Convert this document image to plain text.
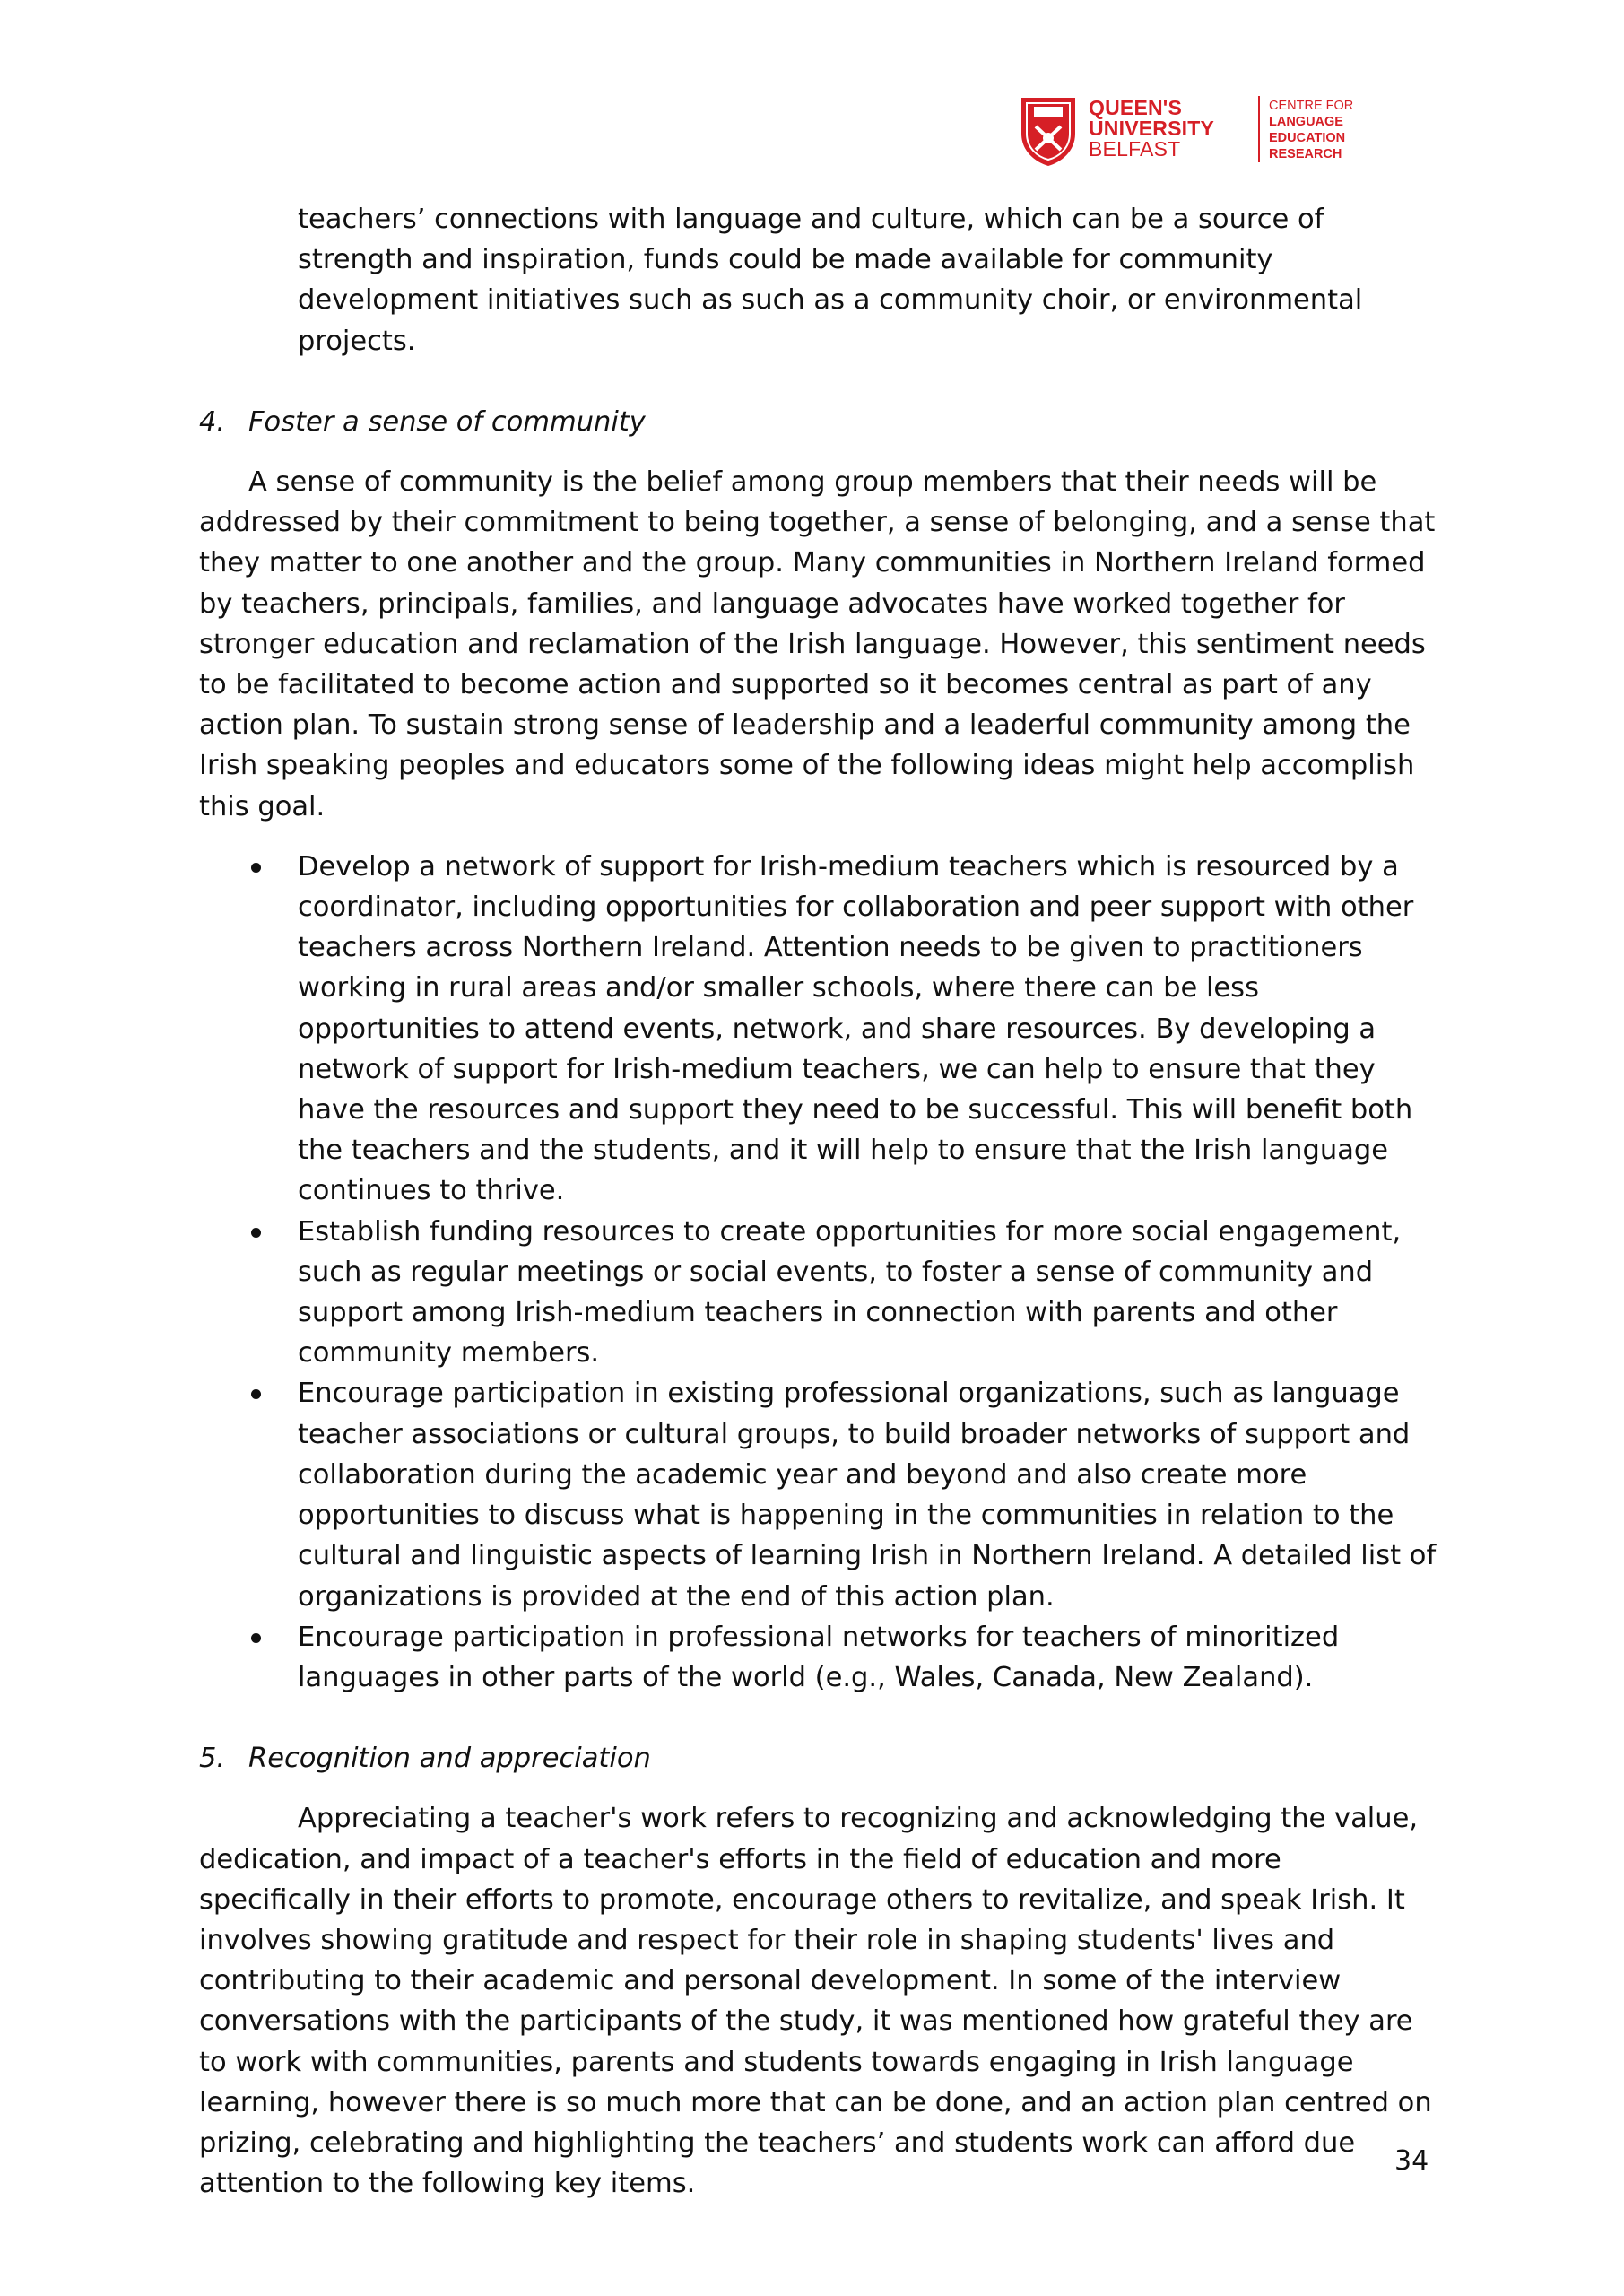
QUEEN'S
UNIVERSITY
BELFAST
CENTRE FOR
LANGUAGE
EDUCATION
RESEARCH

teachers’ connections with language and culture, which can be a source of strength and inspiration, funds could be made available for community development initiatives such as such as a community choir, or environmental projects.

4. Foster a sense of community

A sense of community is the belief among group members that their needs will be addressed by their commitment to being together, a sense of belonging, and a sense that they matter to one another and the group. Many communities in Northern Ireland formed by teachers, principals, families, and language advocates have worked together for stronger education and reclamation of the Irish language. However, this sentiment needs to be facilitated to become action and supported so it becomes central as part of any action plan. To sustain strong sense of leadership and a leaderful community among the Irish speaking peoples and educators some of the following ideas might help accomplish this goal.

Develop a network of support for Irish-medium teachers which is resourced by a coordinator, including opportunities for collaboration and peer support with other teachers across Northern Ireland. Attention needs to be given to practitioners working in rural areas and/or smaller schools, where there can be less opportunities to attend events, network, and share resources. By developing a network of support for Irish-medium teachers, we can help to ensure that they have the resources and support they need to be successful. This will benefit both the teachers and the students, and it will help to ensure that the Irish language continues to thrive.
Establish funding resources to create opportunities for more social engagement, such as regular meetings or social events, to foster a sense of community and support among Irish-medium teachers in connection with parents and other community members.
Encourage participation in existing professional organizations, such as language teacher associations or cultural groups, to build broader networks of support and collaboration during the academic year and beyond and also create more opportunities to discuss what is happening in the communities in relation to the cultural and linguistic aspects of learning Irish in Northern Ireland. A detailed list of organizations is provided at the end of this action plan.
Encourage participation in professional networks for teachers of minoritized languages in other parts of the world (e.g., Wales, Canada, New Zealand).
5. Recognition and appreciation

Appreciating a teacher's work refers to recognizing and acknowledging the value, dedication, and impact of a teacher's efforts in the field of education and more specifically in their efforts to promote, encourage others to revitalize, and speak Irish. It involves showing gratitude and respect for their role in shaping students' lives and contributing to their academic and personal development. In some of the interview conversations with the participants of the study, it was mentioned how grateful they are to work with communities, parents and students towards engaging in Irish language learning, however there is so much more that can be done, and an action plan centred on prizing, celebrating and highlighting the teachers’ and students work can afford due attention to the following key items.

34
